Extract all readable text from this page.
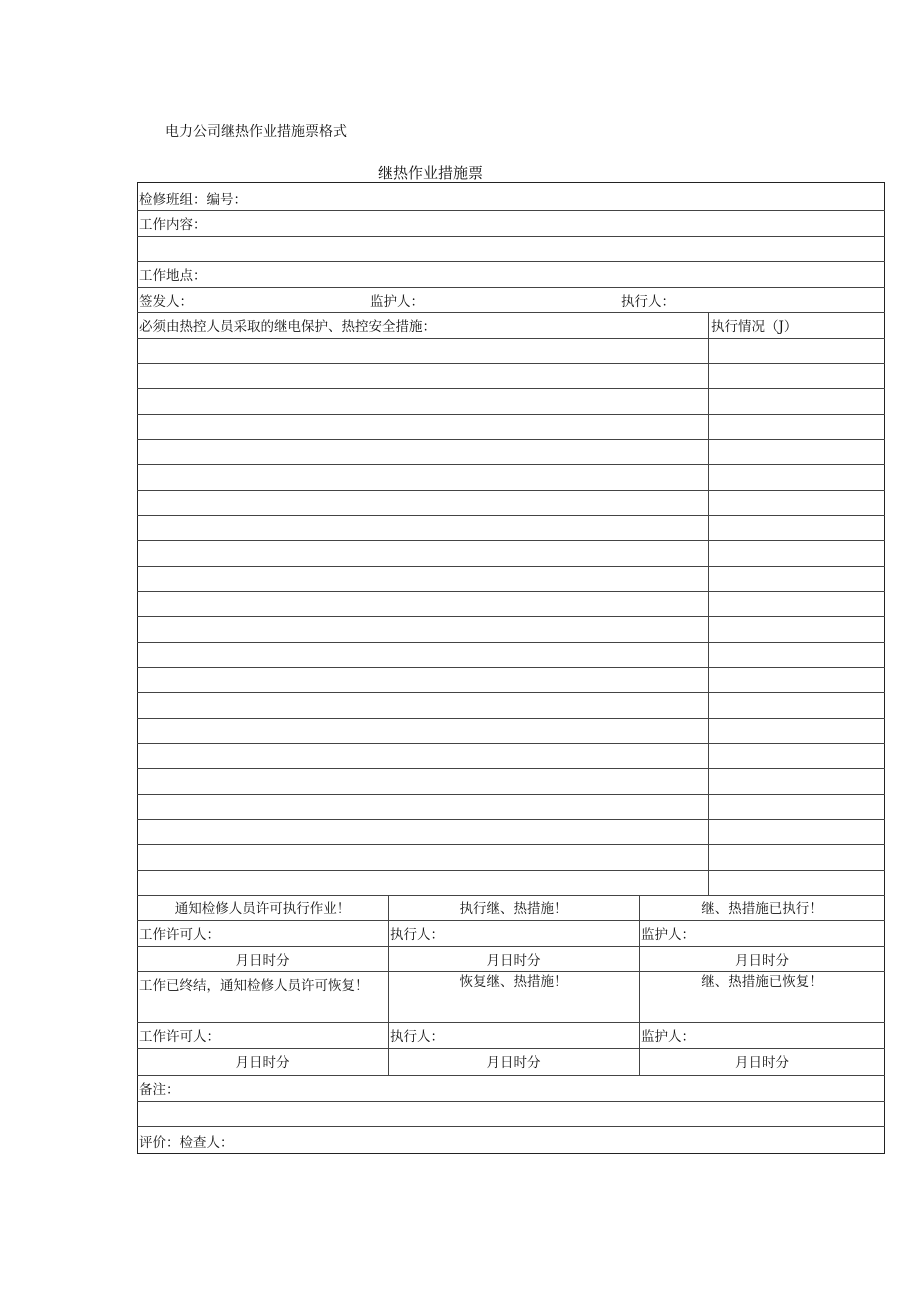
电力公司继热作业措施票格式
继热作业措施票
检修班组：编号：
工作内容：
工作地点：
签发人：	监护人：	执行人：
必须由热控人员采取的继电保护、热控安全措施：	执行情况（J）
通知检修人员许可执行作业！	执行继、热措施！	继、热措施已执行！
工作许可人：	执行人：	监护人：
月日时分	月日时分	月日时分
工作已终结，通知检修人员许可恢复！	恢复继、热措施！	继、热措施已恢复！
工作许可人：	执行人：	监护人：
月日时分	月日时分	月日时分
备注：
评价：检查人：
